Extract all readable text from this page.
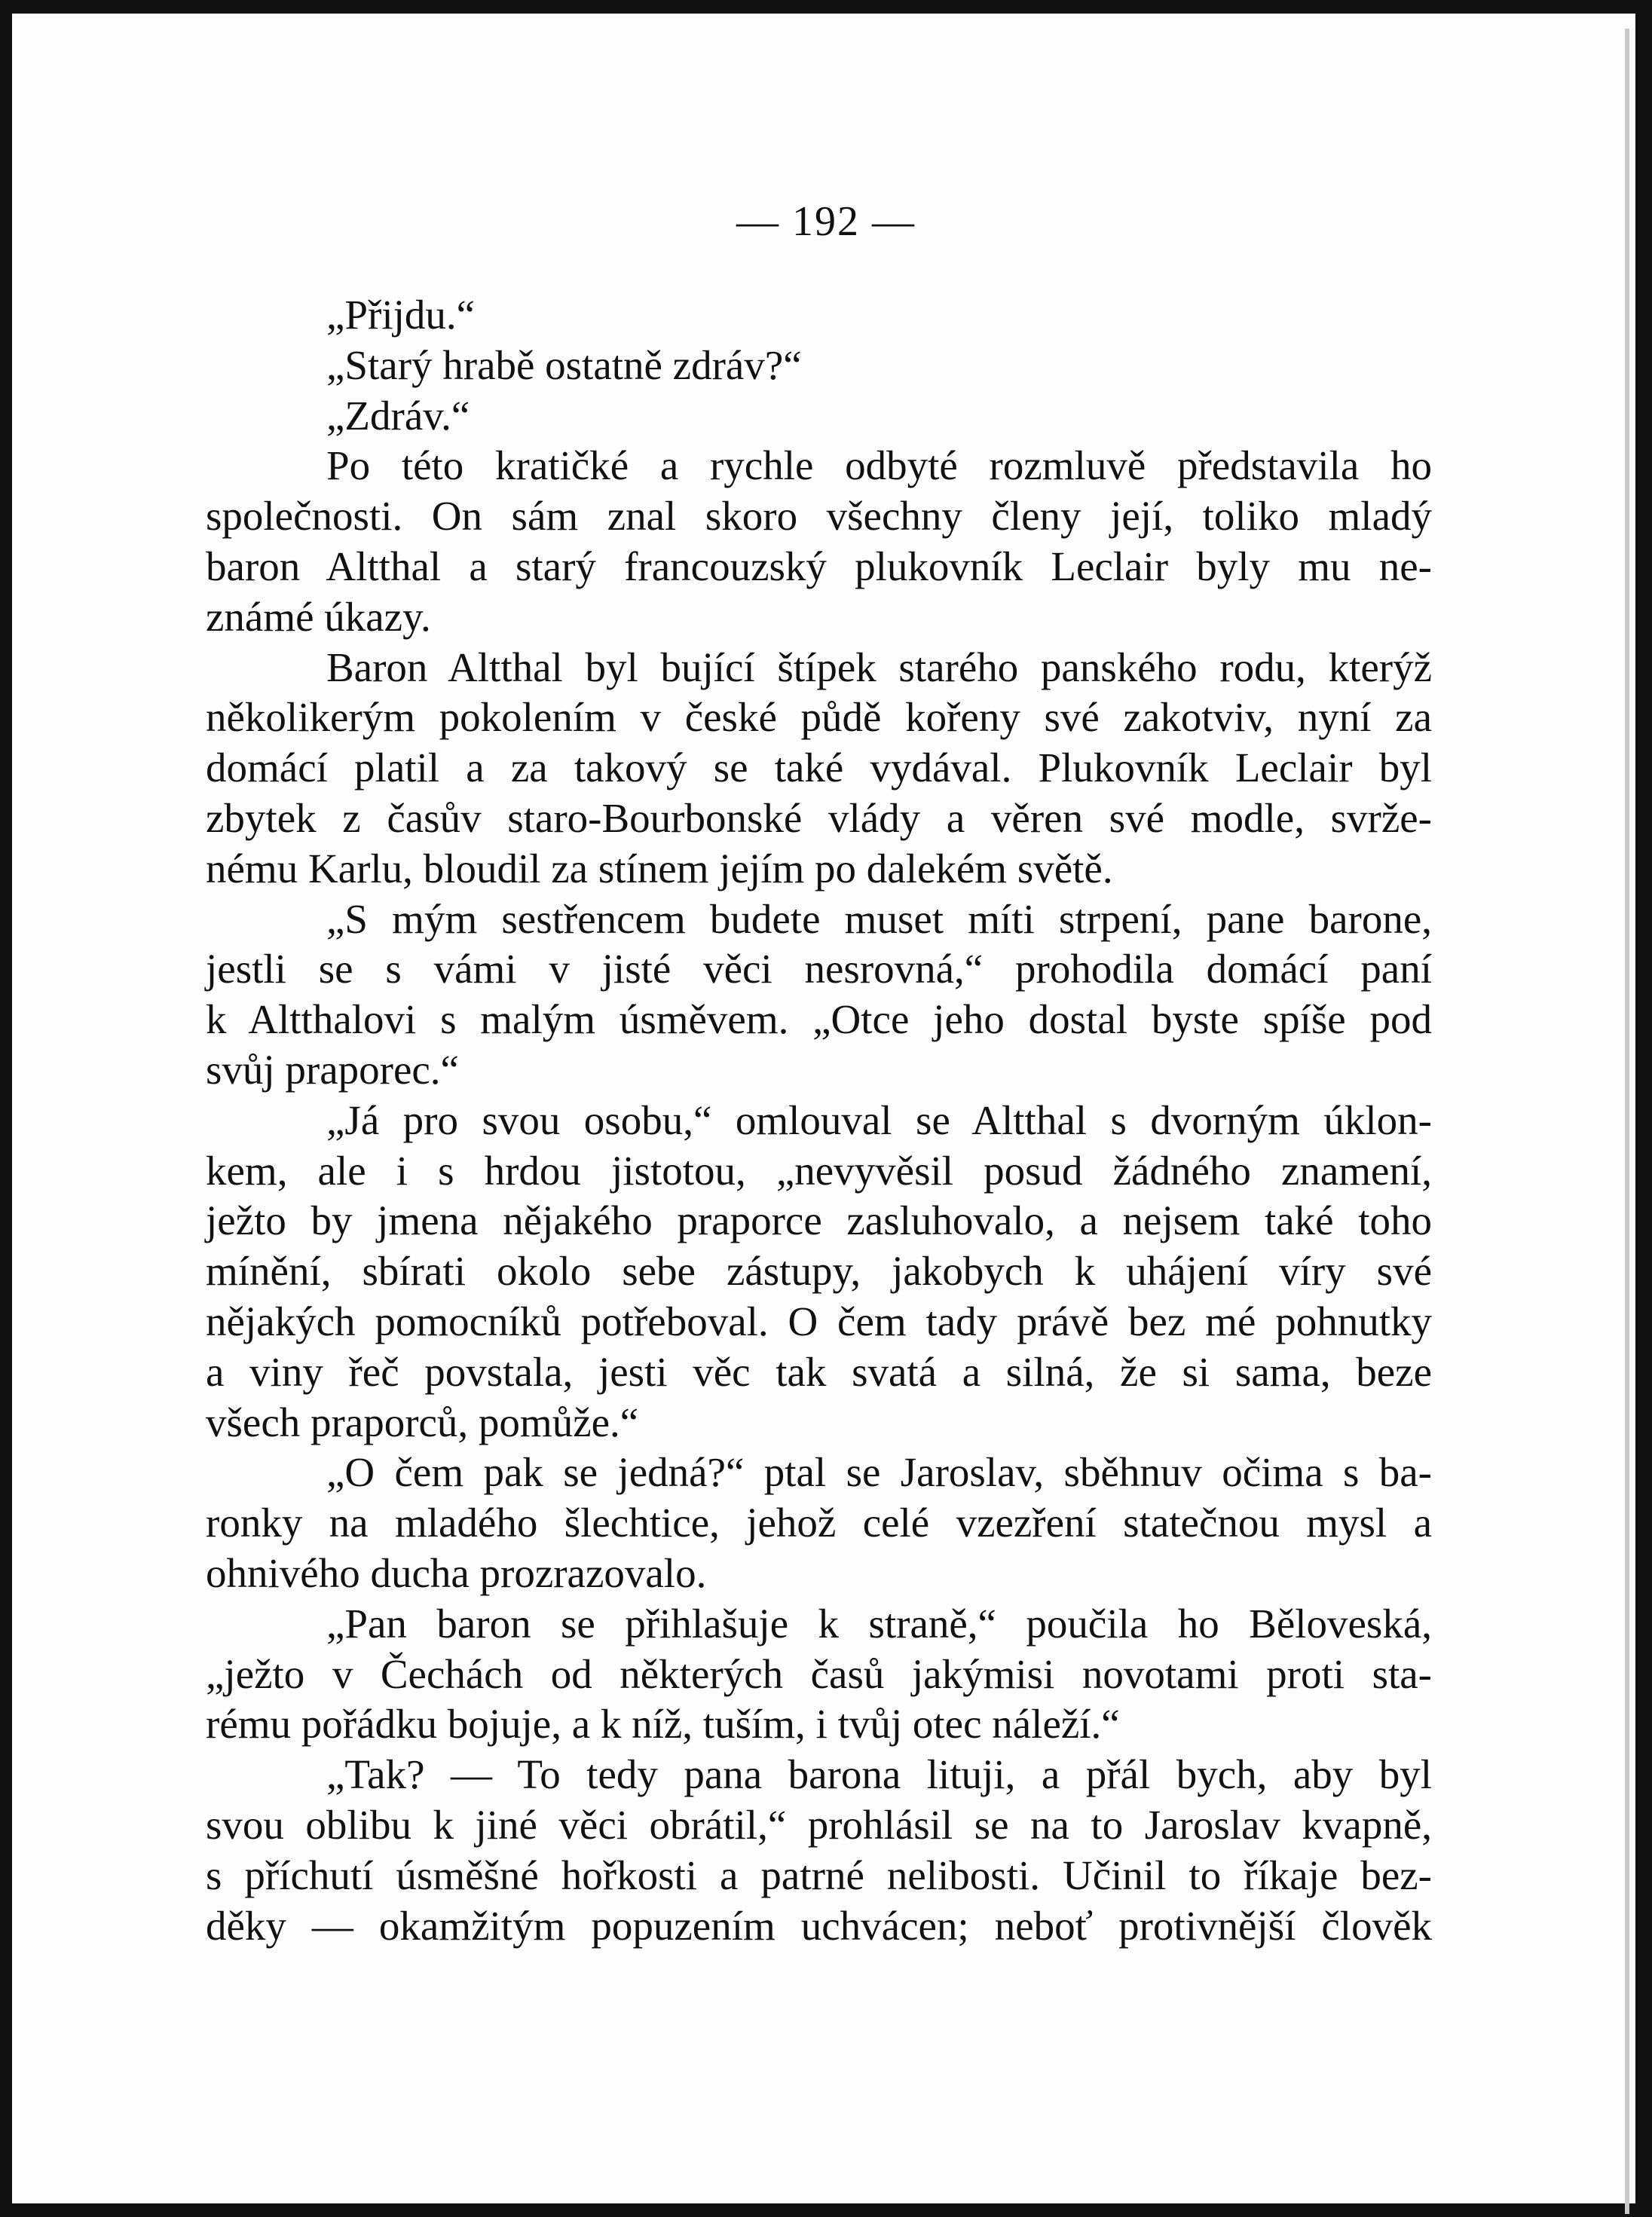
— 192 —
„Přijdu.“
„Starý hrabě ostatně zdráv?“
„Zdráv.“
Po této kratičké a rychle odbyté rozmluvě představila ho
společnosti. On sám znal skoro všechny členy její, toliko mladý
baron Altthal a starý francouzský plukovník Leclair byly mu ne-
známé úkazy.
Baron Altthal byl bující štípek starého panského rodu, kterýž
několikerým pokolením v české půdě kořeny své zakotviv, nyní za
domácí platil a za takový se také vydával. Plukovník Leclair byl
zbytek z časův staro-Bourbonské vlády a věren své modle, svrže-
nému Karlu, bloudil za stínem jejím po dalekém světě.
„S mým sestřencem budete muset míti strpení, pane barone,
jestli se s vámi v jisté věci nesrovná,“ prohodila domácí paní
k Altthalovi s malým úsměvem. „Otce jeho dostal byste spíše pod
svůj praporec.“
„Já pro svou osobu,“ omlouval se Altthal s dvorným úklon-
kem, ale i s hrdou jistotou, „nevyvěsil posud žádného znamení,
ježto by jmena nějakého praporce zasluhovalo, a nejsem také toho
mínění, sbírati okolo sebe zástupy, jakobych k uhájení víry své
nějakých pomocníků potřeboval. O čem tady právě bez mé pohnutky
a viny řeč povstala, jesti věc tak svatá a silná, že si sama, beze
všech praporců, pomůže.“
„O čem pak se jedná?“ ptal se Jaroslav, sběhnuv očima s ba-
ronky na mladého šlechtice, jehož celé vzezření statečnou mysl a
ohnivého ducha prozrazovalo.
„Pan baron se přihlašuje k straně,“ poučila ho Běloveská,
„ježto v Čechách od některých časů jakýmisi novotami proti sta-
rému pořádku bojuje, a k níž, tuším, i tvůj otec náleží.“
„Tak? — To tedy pana barona lituji, a přál bych, aby byl
svou oblibu k jiné věci obrátil,“ prohlásil se na to Jaroslav kvapně,
s příchutí úsměšné hořkosti a patrné nelibosti. Učinil to říkaje bez-
děky — okamžitým popuzením uchvácen; neboť protivnější člověk
